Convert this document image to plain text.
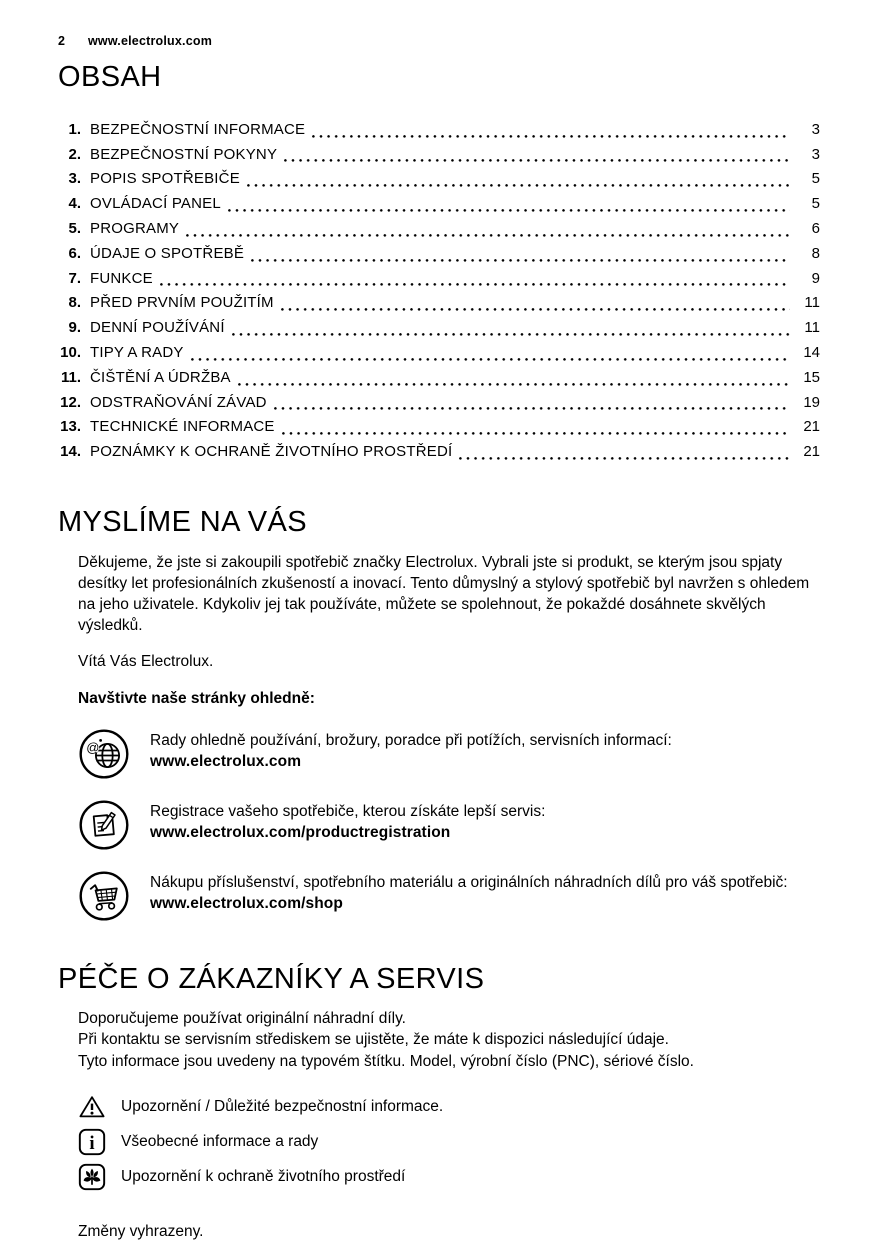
2	www.electrolux.com
OBSAH
1. BEZPEČNOSTNÍ INFORMACE	3
2. BEZPEČNOSTNÍ POKYNY	3
3. POPIS SPOTŘEBIČE	5
4. OVLÁDACÍ PANEL	5
5. PROGRAMY	6
6. ÚDAJE O SPOTŘEBĚ	8
7. FUNKCE	9
8. PŘED PRVNÍM POUŽITÍM	11
9. DENNÍ POUŽÍVÁNÍ	11
10. TIPY A RADY	14
11. ČIŠTĚNÍ A ÚDRŽBA	15
12. ODSTRAŇOVÁNÍ ZÁVAD	19
13. TECHNICKÉ INFORMACE	21
14. POZNÁMKY K OCHRANĚ ŽIVOTNÍHO PROSTŘEDÍ	21
MYSLÍME NA VÁS

Děkujeme, že jste si zakoupili spotřebič značky Electrolux. Vybrali jste si produkt, se kterým jsou spjaty desítky let profesionálních zkušeností a inovací. Tento důmyslný a stylový spotřebič byl navržen s ohledem na jeho uživatele. Kdykoliv jej tak používáte, můžete se spolehnout, že pokaždé dosáhnete skvělých výsledků.

Vítá Vás Electrolux.

Navštivte naše stránky ohledně:

@	Rady ohledně používání, brožury, poradce při potížích, servisních informací:
www.electrolux.com
Registrace vašeho spotřebiče, kterou získáte lepší servis:
www.electrolux.com/productregistration
Nákupu příslušenství, spotřebního materiálu a originálních náhradních dílů pro váš spotřebič:
www.electrolux.com/shop
PÉČE O ZÁKAZNÍKY A SERVIS
Doporučujeme používat originální náhradní díly.
Při kontaktu se servisním střediskem se ujistěte, že máte k dispozici následující údaje.
Tyto informace jsou uvedeny na typovém štítku. Model, výrobní číslo (PNC), sériové číslo.
Upozornění / Důležité bezpečnostní informace.
i Všeobecné informace a rady
Upozornění k ochraně životního prostředí

Změny vyhrazeny.
